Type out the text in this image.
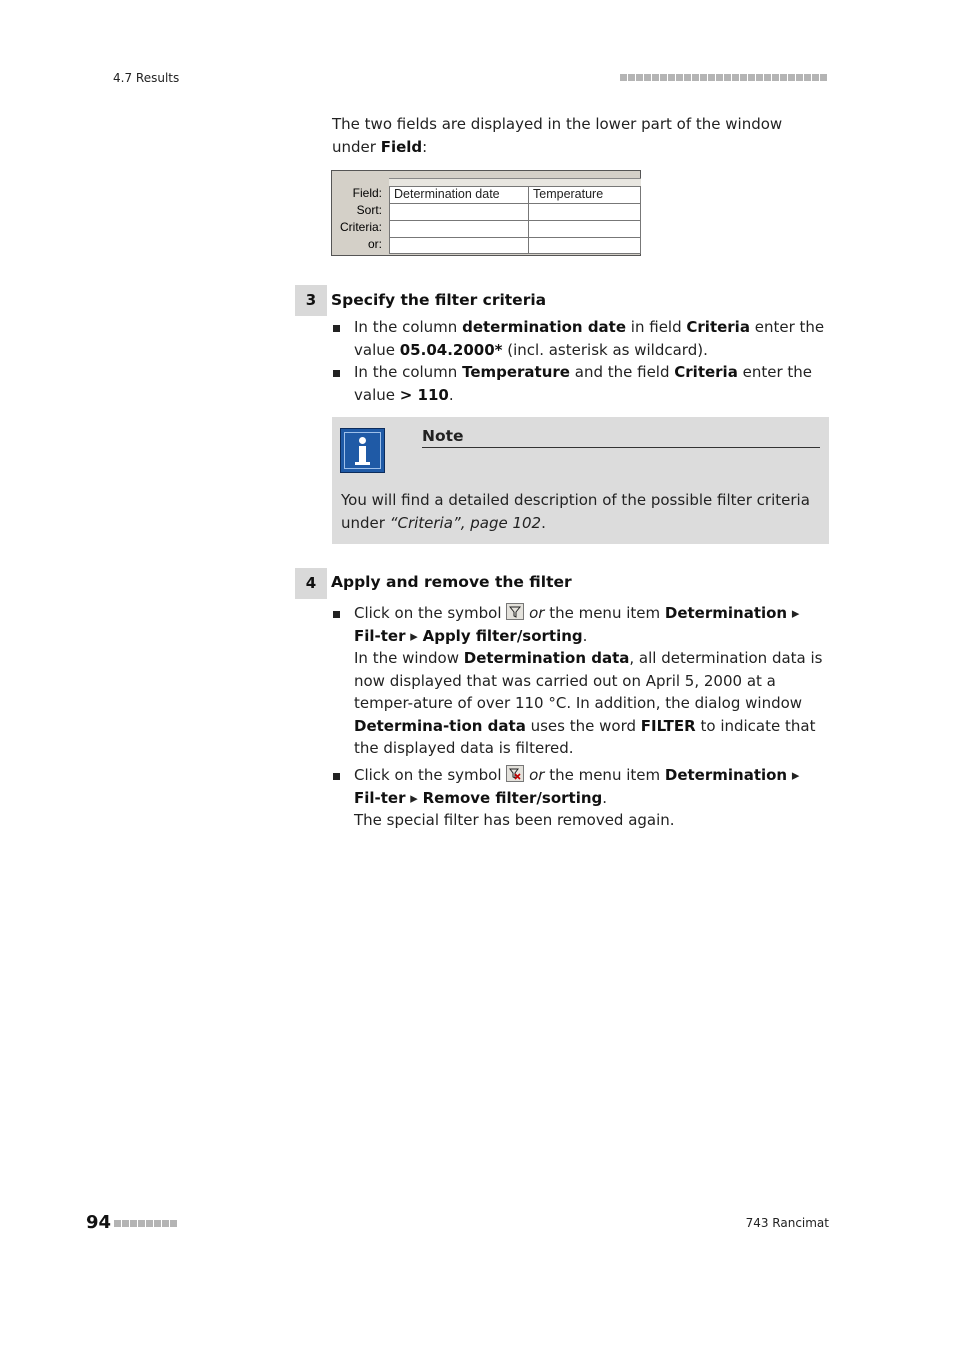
4.7 Results
The two fields are displayed in the lower part of the window under Field:
Field:
Sort:
Criteria:
or:
Determination date	Temperature
3 Specify the filter criteria
In the column determination date in field Criteria enter the value 05.04.2000* (incl. asterisk as wildcard).
In the column Temperature and the field Criteria enter the value > 110.
Note
You will find a detailed description of the possible filter criteria under “Criteria”, page 102.
4 Apply and remove the filter
Click on the symbol
or the menu item Determination ▸ Fil-ter ▸ Apply filter/sorting.
In the window Determination data, all determination data is now displayed that was carried out on April 5, 2000 at a temper-ature of over 110 °C. In addition, the dialog window Determina-tion data uses the word FILTER to indicate that the displayed data is filtered.
Click on the symbol
or the menu item Determination ▸ Fil-ter ▸ Remove filter/sorting.
The special filter has been removed again.
94	743 Rancimat
